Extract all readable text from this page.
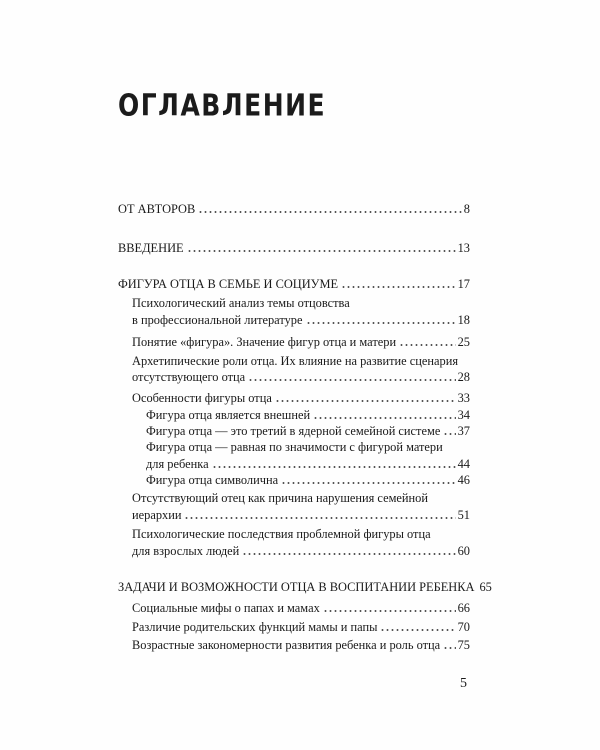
ОГЛАВЛЕНИЕ
ОТ АВТОРОВ	8
ВВЕДЕНИЕ	13
ФИГУРА ОТЦА В СЕМЬЕ И СОЦИУМЕ	17
Психологический анализ темы отцовства
в профессиональной литературе	18
Понятие «фигура». Значение фигур отца и матери	25
Архетипические роли отца. Их влияние на развитие сценария
отсутствующего отца	28
Особенности фигуры отца	33
Фигура отца является внешней	34
Фигура отца — это третий в ядерной семейной системе 37
Фигура отца — равная по значимости с фигурой матери
для ребенка	44
Фигура отца символична	46
Отсутствующий отец как причина нарушения семейной
иерархии	51
Психологические последствия проблемной фигуры отца
для взрослых людей	60
ЗАДАЧИ И ВОЗМОЖНОСТИ ОТЦА В ВОСПИТАНИИ РЕБЕНКА 65
Социальные мифы о папах и мамах	66
Различие родительских функций мамы и папы	70
Возрастные закономерности развития ребенка и роль отца 75
5
